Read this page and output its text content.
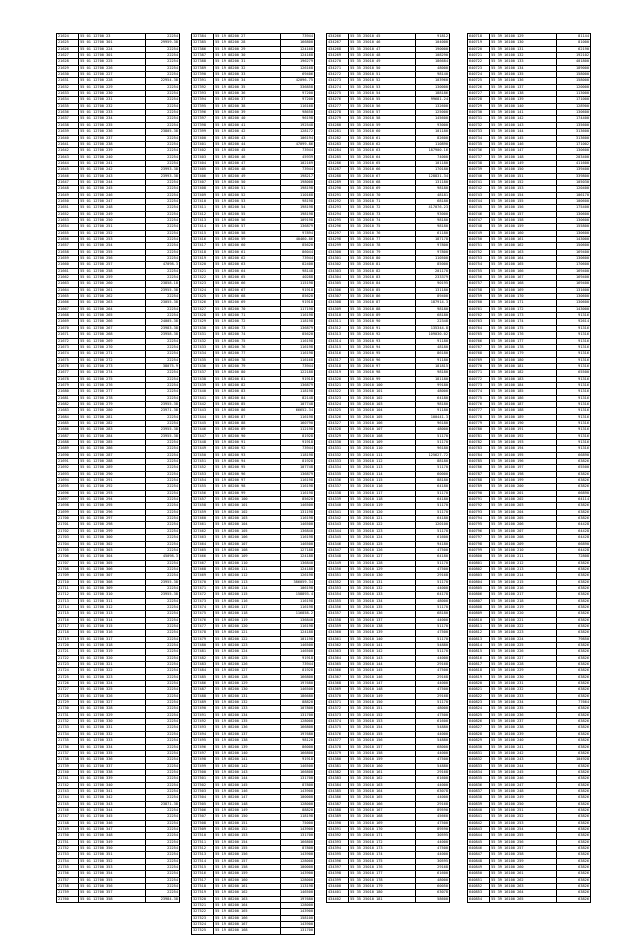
21624	55 01 12700 23	22254
21625	55 01 12700 301	29959.38
21626	55 01 12700 224	22254
21627	55 01 12700 301	22254
21628	55 01 12700 225	22254
21629	55 01 12700 226	22254
21630	55 01 12700 227	22254
21631	55 01 12700 228	22954.38
21632	55 01 12700 229	22254
21633	55 01 12700 230	22254
21634	55 01 12700 231	22254
21635	55 01 12700 232	22254
21636	55 01 12700 233	22254
21637	55 01 12700 234	22254
21638	55 01 12700 235	22254
21639	55 01 12700 236	23805.38
21640	55 01 12700 237	22254
21641	55 01 12700 238	22254
21642	55 01 12700 239	22254
21643	55 01 12700 240	22254
21644	55 01 12700 241	22254
21645	55 01 12700 242	23993.38
21646	55 01 12700 243	23993.38
21647	55 01 12700 244	22254
21648	55 01 12700 245	22254
21649	55 01 12700 246	22254
21650	55 01 12700 247	22254
21651	55 01 12700 248	22254
21652	55 01 12700 249	22254
21653	55 01 12700 250	22254
21654	55 01 12700 251	22254
21655	55 01 12700 252	22254
21656	55 01 12700 253	22254
21657	55 01 12700 254	22254
21658	55 01 12700 255	22254
21659	55 01 12700 256	22254
21660	55 01 12700 257	47098.3
21661	55 01 12700 258	22254
21662	55 01 12700 259	22254
21663	55 01 12700 260	23858.18
21664	55 01 12700 261	23955.38
21665	55 01 12700 262	22254
21666	55 01 12700 263	23055.38
21667	55 01 12700 264	22254
21668	55 01 12700 265	22254
21669	55 01 12700 266	24005.38
21670	55 01 12700 267	23983.38
21671	55 01 12700 268	23958.38
21672	55 01 12700 269	22254
21673	55 01 12700 270	22254
21674	55 01 12700 271	22254
21675	55 01 12700 272	22254
21676	55 01 12700 273	38075.9
21677	55 01 12700 274	22254
21678	55 01 12700 275	22254
21679	55 01 12700 276	22254
21680	55 01 12700 277	22254
21681	55 01 12700 278	22254
21682	55 01 12700 279	23955.38
21683	55 01 12700 280	23971.38
21684	55 01 12700 281	22254
21685	55 01 12700 282	22254
21686	55 01 12700 283	23955.38
21687	55 01 12700 284	23955.38
21688	55 01 12700 285	22254
21689	55 01 12700 286	22254
21690	55 01 12700 287	22254
21691	55 01 12700 288	22254
21692	55 01 12700 289	22254
21693	55 01 12700 290	22254
21694	55 01 12700 291	22254
21695	55 01 12700 292	22254
21696	55 01 12700 293	22254
21697	55 01 12700 294	22254
21698	55 01 12700 295	22254
21699	55 01 12700 296	22254
21700	55 01 12700 297	22254
21701	55 01 12700 298	22254
21702	55 01 12700 299	22254
21703	55 01 12700 300	22254
21704	55 01 12700 302	22254
21705	55 01 12700 303	22254
21706	55 01 12700 304	45098.3
21707	55 01 12700 305	22254
21708	55 01 12700 306	22254
21709	55 01 12700 307	22254
21710	55 01 12700 308	23955.38
21711	55 01 12700 309	22254
21712	55 01 12700 310	23955.38
21713	55 01 12700 311	22254
21714	55 01 12700 312	22254
21715	55 01 12700 313	22254
21716	55 01 12700 314	22254
21717	55 01 12700 315	22254
21718	55 01 12700 316	22254
21719	55 01 12700 317	22254
21720	55 01 12700 318	22254
21721	55 01 12700 319	22254
21722	55 01 12700 320	22254
21723	55 01 12700 321	22254
21724	55 01 12700 322	22254
21725	55 01 12700 323	22254
21726	55 01 12700 324	22254
21727	55 01 12700 325	22254
21728	55 01 12700 326	22254
21729	55 01 12700 327	22254
21730	55 01 12700 328	22254
21731	55 01 12700 329	22254
21732	55 01 12700 330	22254
21733	55 01 12700 331	22254
21734	55 01 12700 332	22254
21735	55 01 12700 333	22254
21736	55 01 12700 334	22254
21737	55 01 12700 335	22254
21738	55 01 12700 336	22254
21739	55 01 12700 337	22254
21740	55 01 12700 338	22254
21741	55 01 12700 339	22254
21742	55 01 12700 340	22254
21743	55 01 12700 341	22254
21744	55 01 12700 342	22254
21745	55 01 12700 343	23871.38
21746	55 01 12700 344	22254
21747	55 01 12700 345	22254
21748	55 01 12700 346	22254
21749	55 01 12700 347	22254
21750	55 01 12700 348	22254
21751	55 01 12700 349	22254
21752	55 01 12700 350	22254
21753	55 01 12700 351	22254
21754	55 01 12700 352	22254
21755	55 01 12700 353	22254
21756	55 01 12700 354	22254
21757	55 01 12700 355	22254
21758	55 01 12700 356	22254
21759	55 01 12700 357	22254
21760	55 01 12700 358	23984.38
327384	55 19 08200 27	73944
327385	55 19 08200 28	166800
327386	55 19 08200 29	124168
327387	55 19 08200 30	124168
327388	55 19 08200 31	196279
327389	55 19 08200 32	126168
327390	55 19 08200 33	69406
327391	55 19 08200 34	42096.75
327392	55 19 08200 35	336858
327393	55 19 08200 36	97200
327394	55 19 08200 37	97200
327395	55 19 08200 38	116168
327396	55 19 08200 39	98650
327397	55 19 08200 40	96198
327398	55 19 08200 41	192548
327399	55 19 08200 42	128172
327400	55 19 08200 43	106194
327401	55 19 08200 44	47099.86
327402	55 19 08200 45	73944
327403	55 19 08200 46	45939
327404	55 19 08200 47	102169
327405	55 19 08200 48	73944
327406	55 19 08200 49	198217
327407	55 19 08200 50	198000
327408	55 19 08200 51	198198
327409	55 19 08200 52	110168
327410	55 19 08200 53	98198
327411	55 19 08200 54	198198
327412	55 19 08200 55	198198
327413	55 19 08200 56	109198
327414	55 19 08200 57	136879
327415	55 19 08200 58	97894
327416	55 19 08200 59	40460.86
327417	55 19 08200 60	85620
327418	55 19 08200 61	86044
327419	55 19 08200 62	73944
327420	55 19 08200 63	82400
327421	55 19 08200 64	98148
327422	55 19 08200 65	40288
327423	55 19 08200 66	115198
327424	55 19 08200 67	91918
327425	55 19 08200 68	85620
327426	55 19 08200 69	91918
327427	55 19 08200 70	117198
327428	55 19 08200 71	116198
327429	55 19 08200 72	118198
327430	55 19 08200 73	136879
327431	55 19 08200 74	85620
327432	55 19 08200 75	116198
327433	55 19 08200 76	116198
327434	55 19 08200 77	116198
327435	55 19 08200 78	116168
327436	55 19 08200 79	73944
327437	55 19 08200 80	122188
327438	55 19 08200 81	91918
327439	55 19 08200 82	136879
327440	55 19 08200 83	118198
327441	55 19 08200 84	82148
327442	55 19 08200 85	107748
327443	55 19 08200 86	66652.34
327444	55 19 08200 87	116198
327445	55 19 08200 88	160790
327446	55 19 08200 89	112198
327447	55 19 08200 90	81928
327448	55 19 08200 91	91918
327449	55 19 08200 92	73944
327450	55 19 08200 93	118198
327451	55 19 08200 94	81928
327452	55 19 08200 95	107748
327453	55 19 08200 96	136879
327454	55 19 08200 97	116198
327455	55 19 08200 98	116198
327456	55 19 08200 99	116198
327457	55 19 08200 100	85620
327458	55 19 08200 101	146500
327459	55 19 08200 102	131198
327460	55 19 08200 103	116198
327461	55 19 08200 104	146500
327462	55 19 08200 105	136840
327463	55 19 08200 106	116198
327464	55 19 08200 107	146500
327465	55 19 08200 108	127188
327466	55 19 08200 109	124188
327467	55 19 08200 110	136840
327468	55 19 08200 111	124188
327469	55 19 08200 112	126198
327470	55 19 08200 113	386059.34
327471	55 19 08200 114	106198
327472	55 19 08200 115	158893.4
327473	55 19 08200 116	116198
327474	55 19 08200 117	116198
327475	55 19 08200 118	116858.2
327476	55 19 08200 119	136840
327477	55 19 08200 120	116198
327478	55 19 08200 121	124188
327479	55 19 08200 122	101198
327480	55 19 08200 123	146500
327481	55 19 08200 124	146500
327482	55 19 08200 125	91918
327483	55 19 08200 126	73944
327484	55 19 08200 127	81928
327485	55 19 08200 128	166800
327486	55 19 08200 129	197680
327487	55 19 08200 130	146500
327488	55 19 08200 131	186680
327489	55 19 08200 132	88820
327490	55 19 08200 133	107800
327491	55 19 08200 134	131700
327492	55 19 08200 135	128000
327493	55 19 08200 136	166800
327494	55 19 08200 137	197680
327495	55 19 08200 138	98120
327496	55 19 08200 139	86000
327497	55 19 08200 140	166800
327498	55 19 08200 141	91918
327499	55 19 08200 142	146500
327500	55 19 08200 143	166800
327501	55 19 08200 144	131700
327502	55 19 08200 145	87800
327503	55 19 08200 146	143900
327504	55 19 08200 147	100000
327505	55 19 08200 148	128000
327506	55 19 08200 149	88820
327507	55 19 08200 150	118198
327508	55 19 08200 151	75000
327509	55 19 08200 152	143900
327510	55 19 08200 153	131700
327511	55 19 08200 154	166800
327512	55 19 08200 155	87800
327513	55 19 08200 156	143900
327514	55 19 08200 157	128000
327515	55 19 08200 158	100000
327516	55 19 08200 159	143900
327517	55 19 08200 160	128000
327518	55 19 08200 161	113198
327519	55 19 08200 162	146500
327520	55 19 08200 163	197680
327521	55 19 08200 164	128000
327522	55 19 08200 165	143900
327523	55 19 08200 166	158100
327524	55 19 08200 167	143900
327525	55 19 08200 168	131700
434266	55 35 25010 45	91812
434267	55 35 25010 46	104000
434268	55 35 25010 47	190000
434269	55 35 25010 48	108290
434270	55 35 25010 49	186684
434271	55 35 25010 50	48000
434272	55 35 25010 51	98140
434273	55 35 25010 52	103960
434274	55 35 25010 53	130000
434275	55 35 25010 54	188186
434276	55 35 25010 55	99681.24
434277	55 35 25010 56	132600
434278	55 35 25010 57	125000
434279	55 35 25010 58	145600
434280	55 35 25010 59	93000
434281	55 35 25010 60	101180
434282	55 35 25010 61	82600
434283	55 35 25010 62	110890
434284	55 35 25010 63	187900.16
434285	55 35 25010 64	74000
434286	55 35 25010 65	101180
434287	55 35 25010 66	170180
434288	55 35 25010 67	128831.34
434289	55 35 25010 68	131180
434290	55 35 25010 69	98180
434291	55 35 25010 70	48181
434292	55 35 25010 71	68180
434293	55 35 25010 72	417076.23
434294	55 35 25010 73	93000
434295	55 35 25010 74	98180
434296	55 35 25010 75	98180
434297	55 35 25010 76	61180
434298	55 35 25010 77	187178
434299	55 35 25010 78	97800
434300	55 35 25010 79	97800
434301	55 35 25010 80	110500
434302	55 35 25010 81	85000
434303	55 35 25010 82	201170
434304	55 35 25010 83	233379
434305	55 35 25010 84	90195
434306	55 35 25010 85	131180
434307	55 35 25010 86	89400
434308	55 35 25010 87	187914.3
434309	55 35 25010 88	98180
434310	55 35 25010 89	68180
434311	55 35 25010 90	22348
434312	55 35 25010 91	135344.8
434313	55 35 25010 92	109030.02
434314	55 35 25010 93	91180
434315	55 35 25010 94	48180
434316	55 35 25010 95	86180
434317	55 35 25010 96	91180
434318	55 35 25010 97	181815
434319	55 35 25010 98	98180
434320	55 35 25010 99	181180
434321	55 35 25010 100	99180
434322	55 35 25010 101	48000
434323	55 35 25010 102	64180
434324	55 35 25010 103	98180
434325	55 35 25010 104	91180
434326	55 35 25010 105	100441.3
434327	55 35 25010 106	96180
434328	55 35 25010 107	48000
434329	55 35 25010 108	51170
434330	55 35 25010 109	51170
434331	55 35 25010 110	96180
434332	55 35 25010 111	125627.72
434333	55 35 25010 112	88180
434334	55 35 25010 113	51170
434335	55 35 25010 114	60000
434336	55 35 25010 115	88180
434337	55 35 25010 116	64180
434338	55 35 25010 117	51170
434339	55 35 25010 118	64180
434340	55 35 25010 119	51170
434341	55 35 25010 120	51170
434342	55 35 25010 121	64180
434343	55 35 25010 122	120100
434344	55 35 25010 123	51170
434345	55 35 25010 124	61600
434346	55 35 25010 125	94180
434347	55 35 25010 126	47500
434348	55 35 25010 127	64180
434349	55 35 25010 128	51170
434350	55 35 25010 129	47500
434351	55 35 25010 130	29168
434352	55 35 25010 131	51170
434353	55 35 25010 132	44000
434354	55 35 25010 133	64178
434355	55 35 25010 134	48000
434356	55 35 25010 135	51170
434357	55 35 25010 136	68180
434358	55 35 25010 137	44000
434359	55 35 25010 138	51170
434360	55 35 25010 139	47500
434361	55 35 25010 140	51170
434362	55 35 25010 141	54880
434363	55 35 25010 142	51170
434364	55 35 25010 143	44000
434365	55 35 25010 144	29168
434366	55 35 25010 145	47500
434367	55 35 25010 146	29168
434368	55 35 25010 147	44000
434369	55 35 25010 148	47500
434370	55 35 25010 149	29168
434371	55 35 25010 150	51170
434372	55 35 25010 151	48000
434373	55 35 25010 152	47500
434374	55 35 25010 153	61600
434375	55 35 25010 154	54880
434376	55 35 25010 155	44000
434377	55 35 25010 156	54880
434378	55 35 25010 157	68000
434379	55 35 25010 158	44000
434380	55 35 25010 159	47500
434381	55 35 25010 160	54880
434382	55 35 25010 161	29168
434383	55 35 25010 162	61600
434384	55 35 25010 163	44000
434385	55 35 25010 164	63078
434386	55 35 25010 165	44000
434387	55 35 25010 166	29168
434388	55 35 25010 167	89590
434389	55 35 25010 168	45660
434390	55 35 25010 169	47500
434391	55 35 25010 170	89590
434392	55 35 25010 171	30595
434393	55 35 25010 172	44000
434394	55 35 25010 173	47500
434395	55 35 25010 174	44000
434396	55 35 25010 175	30595
434397	55 35 25010 176	29168
434398	55 35 25010 177	61600
434399	55 35 25010 178	48000
434400	55 35 25010 179	60050
434401	55 35 25010 180	63078
434402	55 35 25010 181	58600
640718	55 39 16100 129	81144
640719	55 39 16100 130	81000
640720	55 39 16100 131	62190
640721	55 39 16100 132	192102
640722	55 39 16100 133	401800
640723	55 39 16100 134	189000
640724	55 39 16100 135	158000
640725	55 39 16100 136	158000
640726	55 39 16100 137	120000
640727	55 39 16100 138	113000
640728	55 39 16100 139	171000
640729	55 39 16100 140	128900
640730	55 39 16100 141	130600
640731	55 39 16100 142	174400
640732	55 39 16100 143	135600
640733	55 39 16100 144	313600
640734	55 39 16100 145	313600
640735	55 39 16100 146	171002
640736	55 39 16100 147	130600
640737	55 39 16100 148	203400
640738	55 39 16100 149	411600
640739	55 39 16100 150	139400
640740	55 39 16100 151	339800
640741	55 39 16100 152	105030
640742	55 39 16100 153	120400
640743	55 39 16100 154	106170
640744	55 39 16100 155	100600
640745	55 39 16100 156	175400
640746	55 39 16100 157	130600
640747	55 39 16100 158	130600
640748	55 39 16100 159	155800
640749	55 39 16100 160	130600
640750	55 39 16100 161	143000
640751	55 39 16100 162	150600
640752	55 39 16100 163	169400
640753	55 39 16100 164	130600
640754	55 39 16100 165	170600
640755	55 39 16100 166	169400
640756	55 39 16100 167	169400
640757	55 39 16100 168	169400
640758	55 39 16100 169	131600
640759	55 39 16100 170	130600
640760	55 39 16100 171	130600
640761	55 39 16100 172	143000
640762	55 39 16100 173	91316
640763	55 39 16100 174	92614
640764	55 39 16100 175	91316
640765	55 39 16100 176	91316
640766	55 39 16100 177	91316
640767	55 39 16100 178	91316
640768	55 39 16100 179	91316
640769	55 39 16100 180	91316
640770	55 39 16100 181	91316
640771	55 39 16100 182	65500
640772	55 39 16100 183	91316
640773	55 39 16100 184	91316
640774	55 39 16100 185	91316
640775	55 39 16100 186	91316
640776	55 39 16100 187	91316
640777	55 39 16100 188	91316
640778	55 39 16100 189	91316
640779	55 39 16100 190	91316
640780	55 39 16100 191	91316
640781	55 39 16100 192	91316
640782	55 39 16100 193	91316
640783	55 39 16100 194	91316
640784	55 39 16100 195	66890
640785	55 39 16100 196	63826
640786	55 39 16100 197	65500
640787	55 39 16100 198	63826
640788	55 39 16100 199	63826
640789	55 39 16100 200	63826
640790	55 39 16100 201	66890
640791	55 39 16100 202	64114
640792	55 39 16100 203	63826
640793	55 39 16100 204	63826
640794	55 39 16100 205	63826
640795	55 39 16100 206	64428
640796	55 39 16100 207	64428
640797	55 39 16100 208	64428
640798	55 39 16100 209	66890
640799	55 39 16100 210	64428
640800	55 39 16100 211	72808
640801	55 39 16100 212	63826
640802	55 39 16100 213	63826
640803	55 39 16100 214	63826
640804	55 39 16100 215	63826
640805	55 39 16100 216	63826
640806	55 39 16100 217	63826
640807	55 39 16100 218	63826
640808	55 39 16100 219	63826
640809	55 39 16100 220	63826
640810	55 39 16100 221	63826
640811	55 39 16100 222	63826
640812	55 39 16100 223	63826
640813	55 39 16100 224	79850
640814	55 39 16100 225	63826
640815	55 39 16100 226	63826
640816	55 39 16100 227	63826
640817	55 39 16100 228	63826
640818	55 39 16100 229	63826
640819	55 39 16100 230	63826
640820	55 39 16100 231	63826
640821	55 39 16100 232	63826
640822	55 39 16100 233	63826
640823	55 39 16100 234	77664
640824	55 39 16100 235	63826
640825	55 39 16100 236	63826
640826	55 39 16100 237	63826
640827	55 39 16100 238	63826
640828	55 39 16100 239	63826
640829	55 39 16100 240	63826
640830	55 39 16100 241	63826
640831	55 39 16100 242	63826
640832	55 39 16100 243	104928
640833	55 39 16100 244	63826
640834	55 39 16100 245	63826
640835	55 39 16100 246	63826
640836	55 39 16100 247	63826
640837	55 39 16100 248	63826
640838	55 39 16100 249	63826
640839	55 39 16100 250	63826
640840	55 39 16100 251	63826
640841	55 39 16100 252	63826
640842	55 39 16100 253	63826
640843	55 39 16100 254	63826
640844	55 39 16100 255	63826
640845	55 39 16100 256	63826
640846	55 39 16100 257	63826
640847	55 39 16100 258	63826
640848	55 39 16100 259	63826
640849	55 39 16100 260	63826
640850	55 39 16100 261	63826
640851	55 39 16100 262	63826
640852	55 39 16100 263	63826
640853	55 39 16100 264	63826
640854	55 39 16100 265	63826
